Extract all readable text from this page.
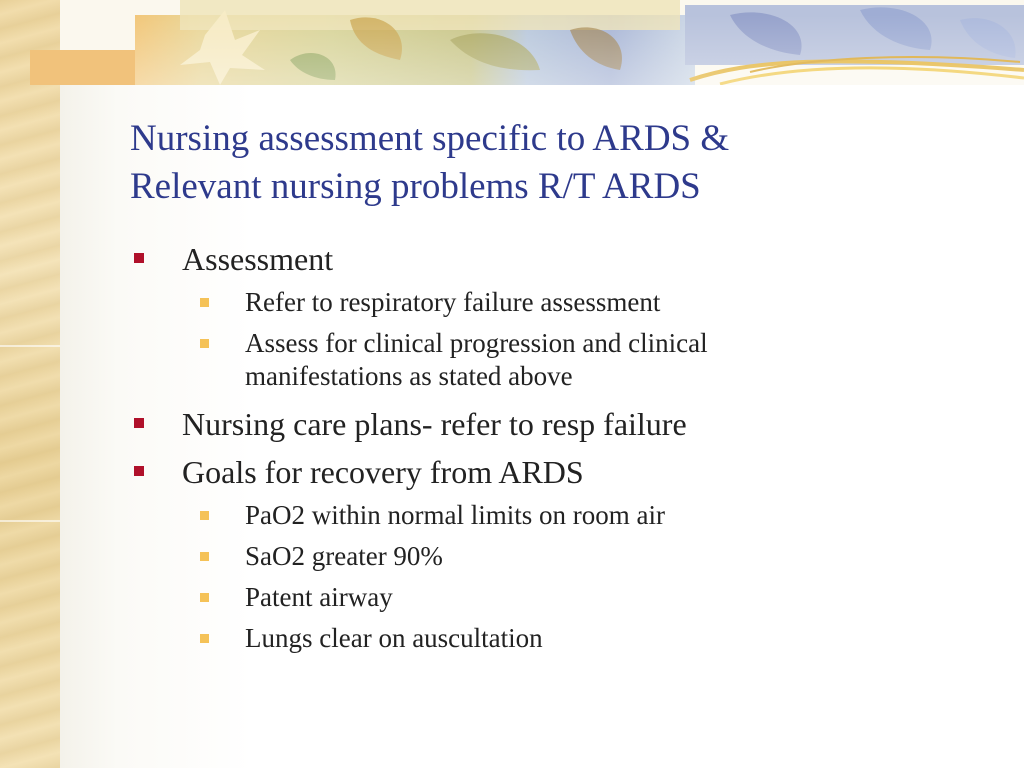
Nursing assessment specific to ARDS &
Relevant nursing problems R/T ARDS
Assessment
Refer to respiratory failure assessment
Assess for clinical progression and clinical
manifestations as stated above
Nursing care plans- refer to resp failure
Goals for recovery from ARDS
PaO2 within normal limits on room air
SaO2 greater 90%
Patent airway
Lungs clear on auscultation
